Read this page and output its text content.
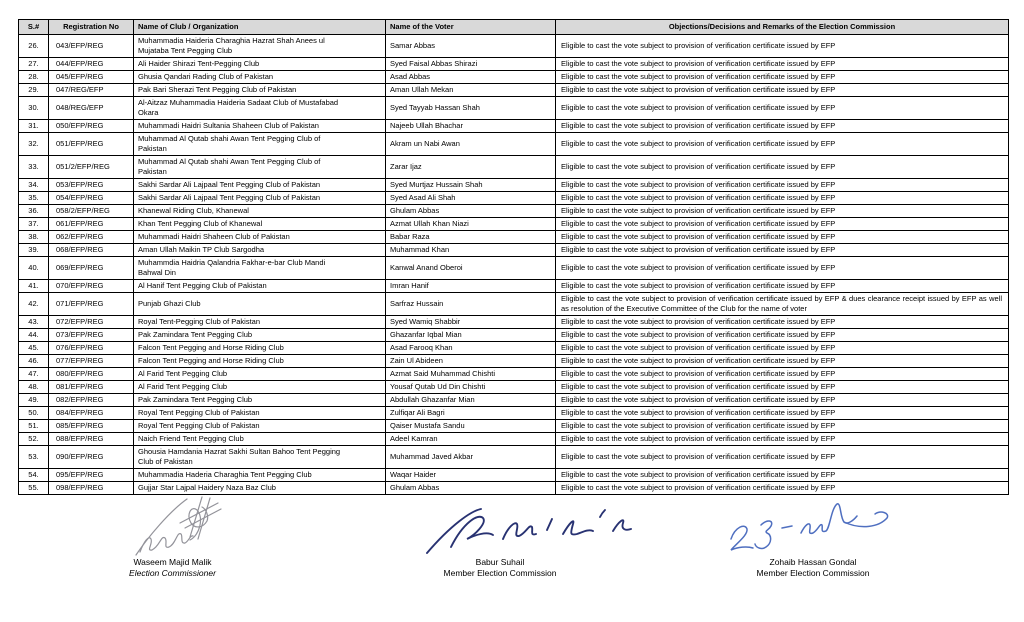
S.#	Registration No	Name of Club / Organization	Name of the Voter	Objections/Decisions and Remarks of the Election Commission
26.	043/EFP/REG	Muhammadia Haideria Charaghia Hazrat Shah Anees ul Mujataba Tent Pegging Club	Samar Abbas	Eligible to cast the vote subject to provision of verification certificate issued by EFP
27.	044/EFP/REG	Ali Haider Shirazi Tent-Pegging Club	Syed Faisal Abbas Shirazi	Eligible to cast the vote subject to provision of verification certificate issued by EFP
28.	045/EFP/REG	Ghusia Qandari Rading Club of Pakistan	Asad Abbas	Eligible to cast the vote subject to provision of verification certificate issued by EFP
29.	047/REG/EFP	Pak Bari Sherazi Tent Pegging Club of Pakistan	Aman Ullah Mekan	Eligible to cast the vote subject to provision of verification certificate issued by EFP
30.	048/REG/EFP	Al-Aitzaz Muhammadia Haideria Sadaat Club of Mustafabad Okara	Syed Tayyab Hassan Shah	Eligible to cast the vote subject to provision of verification certificate issued by EFP
31.	050/EFP/REG	Muhammadi Haidri Sultania Shaheen Club of Pakistan	Najeeb Ullah Bhachar	Eligible to cast the vote subject to provision of verification certificate issued by EFP
32.	051/EFP/REG	Muhammad Al Qutab shahi Awan Tent Pegging Club of Pakistan	Akram un Nabi Awan	Eligible to cast the vote subject to provision of verification certificate issued by EFP
33.	051/2/EFP/REG	Muhammad Al Qutab shahi Awan Tent Pegging Club of Pakistan	Zarar Ijaz	Eligible to cast the vote subject to provision of verification certificate issued by EFP
34.	053/EFP/REG	Sakhi Sardar Ali Lajpaal Tent Pegging Club of Pakistan	Syed Murtjaz Hussain Shah	Eligible to cast the vote subject to provision of verification certificate issued by EFP
35.	054/EFP/REG	Sakhi Sardar Ali Lajpaal Tent Pegging Club of Pakistan	Syed Asad Ali Shah	Eligible to cast the vote subject to provision of verification certificate issued by EFP
36.	058/2/EFP/REG	Khanewal Riding Club, Khanewal	Ghulam Abbas	Eligible to cast the vote subject to provision of verification certificate issued by EFP
37.	061/EFP/REG	Khan Tent Pegging Club of Khanewal	Azmat Ullah Khan Niazi	Eligible to cast the vote subject to provision of verification certificate issued by EFP
38.	062/EFP/REG	Muhammadi Haidri Shaheen Club of Pakistan	Babar Raza	Eligible to cast the vote subject to provision of verification certificate issued by EFP
39.	068/EFP/REG	Aman Ullah Maikin TP Club Sargodha	Muhammad Khan	Eligible to cast the vote subject to provision of verification certificate issued by EFP
40.	069/EFP/REG	Muhammdia Haidria Qalandria Fakhar-e-bar Club Mandi Bahwal Din	Kanwal Anand Oberoi	Eligible to cast the vote subject to provision of verification certificate issued by EFP
41.	070/EFP/REG	Al Hanif Tent Pegging Club of Pakistan	Imran Hanif	Eligible to cast the vote subject to provision of verification certificate issued by EFP
42.	071/EFP/REG	Punjab Ghazi Club	Sarfraz Hussain	Eligible to cast the vote subject to provision of verification certificate issued by EFP & dues clearance receipt issued by EFP as well as resolution of the Executive Committee of the Club for the name of voter
43.	072/EFP/REG	Royal Tent-Pegging Club of Pakistan	Syed Wamiq Shabbir	Eligible to cast the vote subject to provision of verification certificate issued by EFP
44.	073/EFP/REG	Pak Zamindara Tent Pegging Club	Ghazanfar Iqbal Mian	Eligible to cast the vote subject to provision of verification certificate issued by EFP
45.	076/EFP/REG	Falcon Tent Pegging and Horse Riding Club	Asad Farooq Khan	Eligible to cast the vote subject to provision of verification certificate issued by EFP
46.	077/EFP/REG	Falcon Tent Pegging and Horse Riding Club	Zain Ul Abideen	Eligible to cast the vote subject to provision of verification certificate issued by EFP
47.	080/EFP/REG	Al Farid Tent Pegging Club	Azmat Said Muhammad Chishti	Eligible to cast the vote subject to provision of verification certificate issued by EFP
48.	081/EFP/REG	Al Farid Tent Pegging Club	Yousaf Qutab Ud Din Chishti	Eligible to cast the vote subject to provision of verification certificate issued by EFP
49.	082/EFP/REG	Pak Zamindara Tent Pegging Club	Abdullah Ghazanfar Mian	Eligible to cast the vote subject to provision of verification certificate issued by EFP
50.	084/EFP/REG	Royal Tent Pegging Club of Pakistan	Zulfiqar Ali Bagri	Eligible to cast the vote subject to provision of verification certificate issued by EFP
51.	085/EFP/REG	Royal Tent Pegging Club of Pakistan	Qaiser Mustafa Sandu	Eligible to cast the vote subject to provision of verification certificate issued by EFP
52.	088/EFP/REG	Naich Friend Tent Pegging Club	Adeel Kamran	Eligible to cast the vote subject to provision of verification certificate issued by EFP
53.	090/EFP/REG	Ghousia Hamdania Hazrat Sakhi Sultan Bahoo Tent Pegging Club of Pakistan	Muhammad Javed Akbar	Eligible to cast the vote subject to provision of verification certificate issued by EFP
54.	095/EFP/REG	Muhammadia Haderia Charaghia Tent Pegging Club	Waqar Haider	Eligible to cast the vote subject to provision of verification certificate issued by EFP
55.	098/EFP/REG	Gujjar Star Lajpal Haidery Naza Baz Club	Ghulam Abbas	Eligible to cast the vote subject to provision of verification certificate issued by EFP
Waseem Majid Malik
Election Commissioner
Babur Suhail
Member Election Commission
Zohaib Hassan Gondal
Member Election Commission
